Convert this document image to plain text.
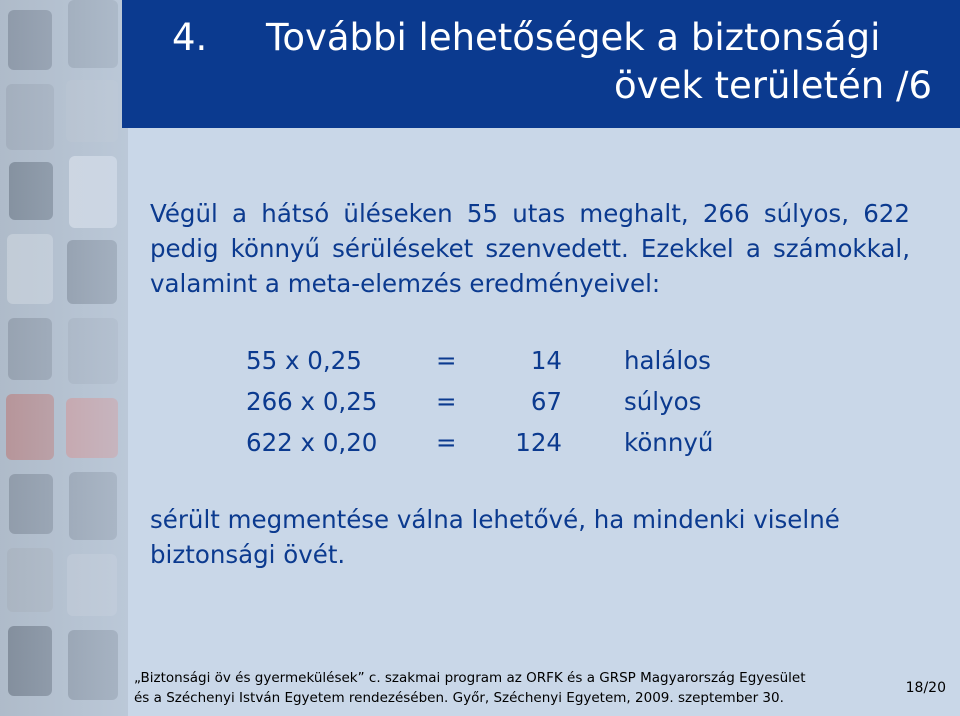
4. További lehetőségek a biztonsági
övek területén /6

Végül a hátsó üléseken 55 utas meghalt, 266 súlyos, 622 pedig könnyű sérüléseket szenvedett. Ezekkel a számokkal, valamint a meta-elemzés eredményeivel:

55 x 0,25	=	14	halálos
266 x 0,25 =	67	súlyos
622 x 0,20 =	124	könnyű

sérült megmentése válna lehetővé, ha mindenki viselné biztonsági övét.

„Biztonsági öv és gyermekülések” c. szakmai program az ORFK és a GRSP Magyarország Egyesület
és a Széchenyi István Egyetem rendezésében. Győr, Széchenyi Egyetem, 2009. szeptember 30.
18/20
